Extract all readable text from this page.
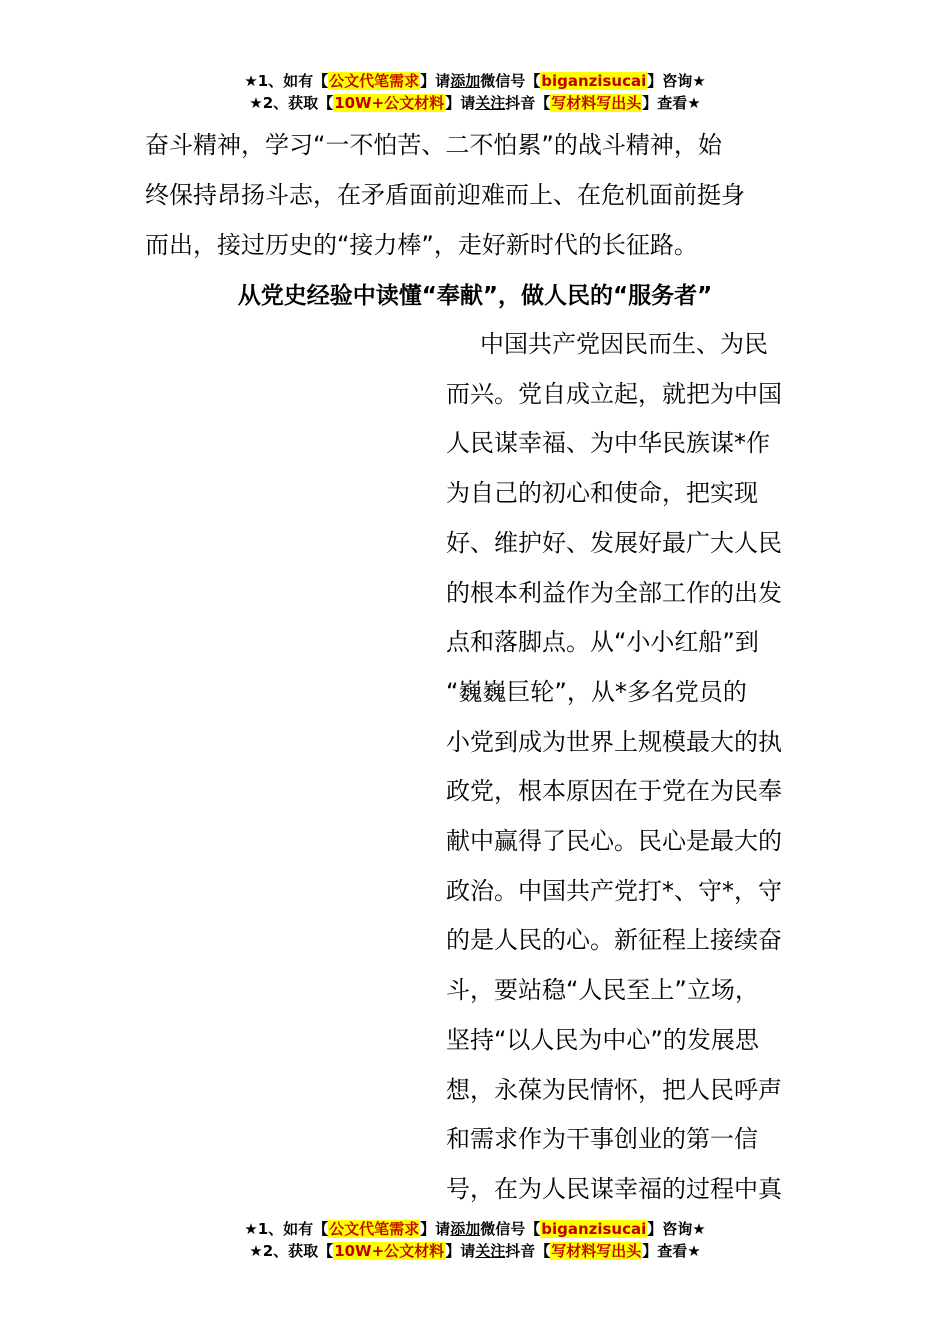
★1、如有【公文代笔需求】请添加微信号【biganzisucai】咨询★
★2、获取【10W+公文材料】请关注抖音【写材料写出头】查看★
奋斗精神，学习“一不怕苦、二不怕累”的战斗精神，始
终保持昂扬斗志，在矛盾面前迎难而上、在危机面前挺身
而出，接过历史的“接力棒”，走好新时代的长征路。
从党史经验中读懂“奉献”，做人民的“服务者”
中国共产党因民而生、为民
而兴。党自成立起，就把为中国
人民谋幸福、为中华民族谋*作
为自己的初心和使命，把实现
好、维护好、发展好最广大人民
的根本利益作为全部工作的出发
点和落脚点。从“小小红船”到
“巍巍巨轮”，从*多名党员的
小党到成为世界上规模最大的执
政党，根本原因在于党在为民奉
献中赢得了民心。民心是最大的
政治。中国共产党打*、守*，守
的是人民的心。新征程上接续奋
斗，要站稳“人民至上”立场，
坚持“以人民为中心”的发展思
想，永葆为民情怀，把人民呼声
和需求作为干事创业的第一信
号，在为人民谋幸福的过程中真
★1、如有【公文代笔需求】请添加微信号【biganzisucai】咨询★
★2、获取【10W+公文材料】请关注抖音【写材料写出头】查看★
